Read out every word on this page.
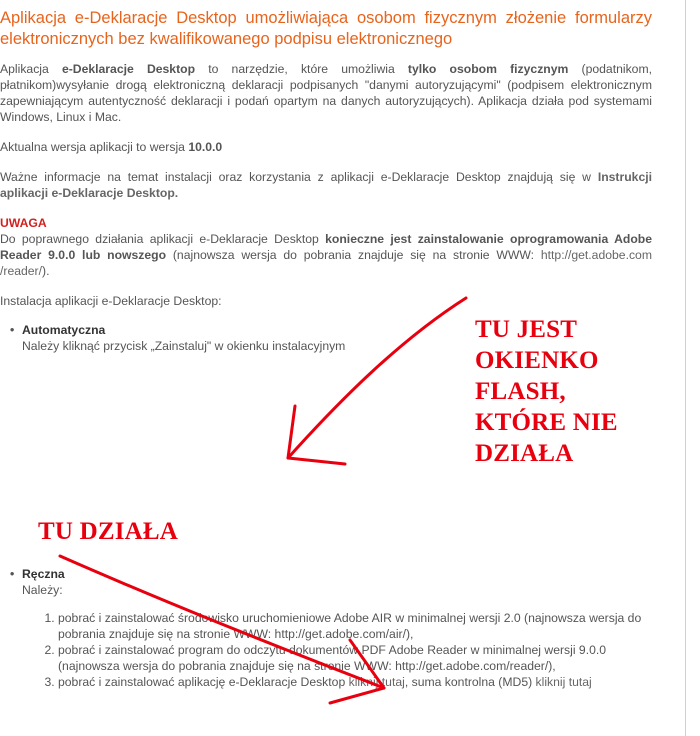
Aplikacja e-Deklaracje Desktop umożliwiająca osobom fizycznym złożenie formularzy elektronicznych bez kwalifikowanego podpisu elektronicznego

Aplikacja e-Deklaracje Desktop to narzędzie, które umożliwia tylko osobom fizycznym (podatnikom, płatnikom)wysyłanie drogą elektroniczną deklaracji podpisanych "danymi autoryzującymi" (podpisem elektronicznym zapewniającym autentyczność deklaracji i podań opartym na danych autoryzujących). Aplikacja działa pod systemami Windows, Linux i Mac.

Aktualna wersja aplikacji to wersja 10.0.0

Ważne informacje na temat instalacji oraz korzystania z aplikacji e-Deklaracje Desktop znajdują się w Instrukcji aplikacji e-Deklaracje Desktop.

UWAGA

Do poprawnego działania aplikacji e-Deklaracje Desktop konieczne jest zainstalowanie oprogramowania Adobe Reader 9.0.0 lub nowszego (najnowsza wersja do pobrania znajduje się na stronie WWW: http://get.adobe.com /reader/).

Instalacja aplikacji e-Deklaracje Desktop:

• Automatyczna
Należy kliknąć przycisk „Zainstaluj" w okienku instalacyjnym
• Ręczna
Należy:
1. pobrać i zainstalować środowisko uruchomieniowe Adobe AIR w minimalnej wersji 2.0 (najnowsza wersja do pobrania znajduje się na stronie WWW: http://get.adobe.com/air/),
2. pobrać i zainstalować program do odczytu dokumentów PDF Adobe Reader w minimalnej wersji 9.0.0 (najnowsza wersja do pobrania znajduje się na stronie WWW: http://get.adobe.com/reader/),
3. pobrać i zainstalować aplikację e-Deklaracje Desktop kliknij tutaj, suma kontrolna (MD5) kliknij tutaj
TU JEST
OKIENKO
FLASH,
KTÓRE NIE
DZIAŁA
TU DZIAŁA
